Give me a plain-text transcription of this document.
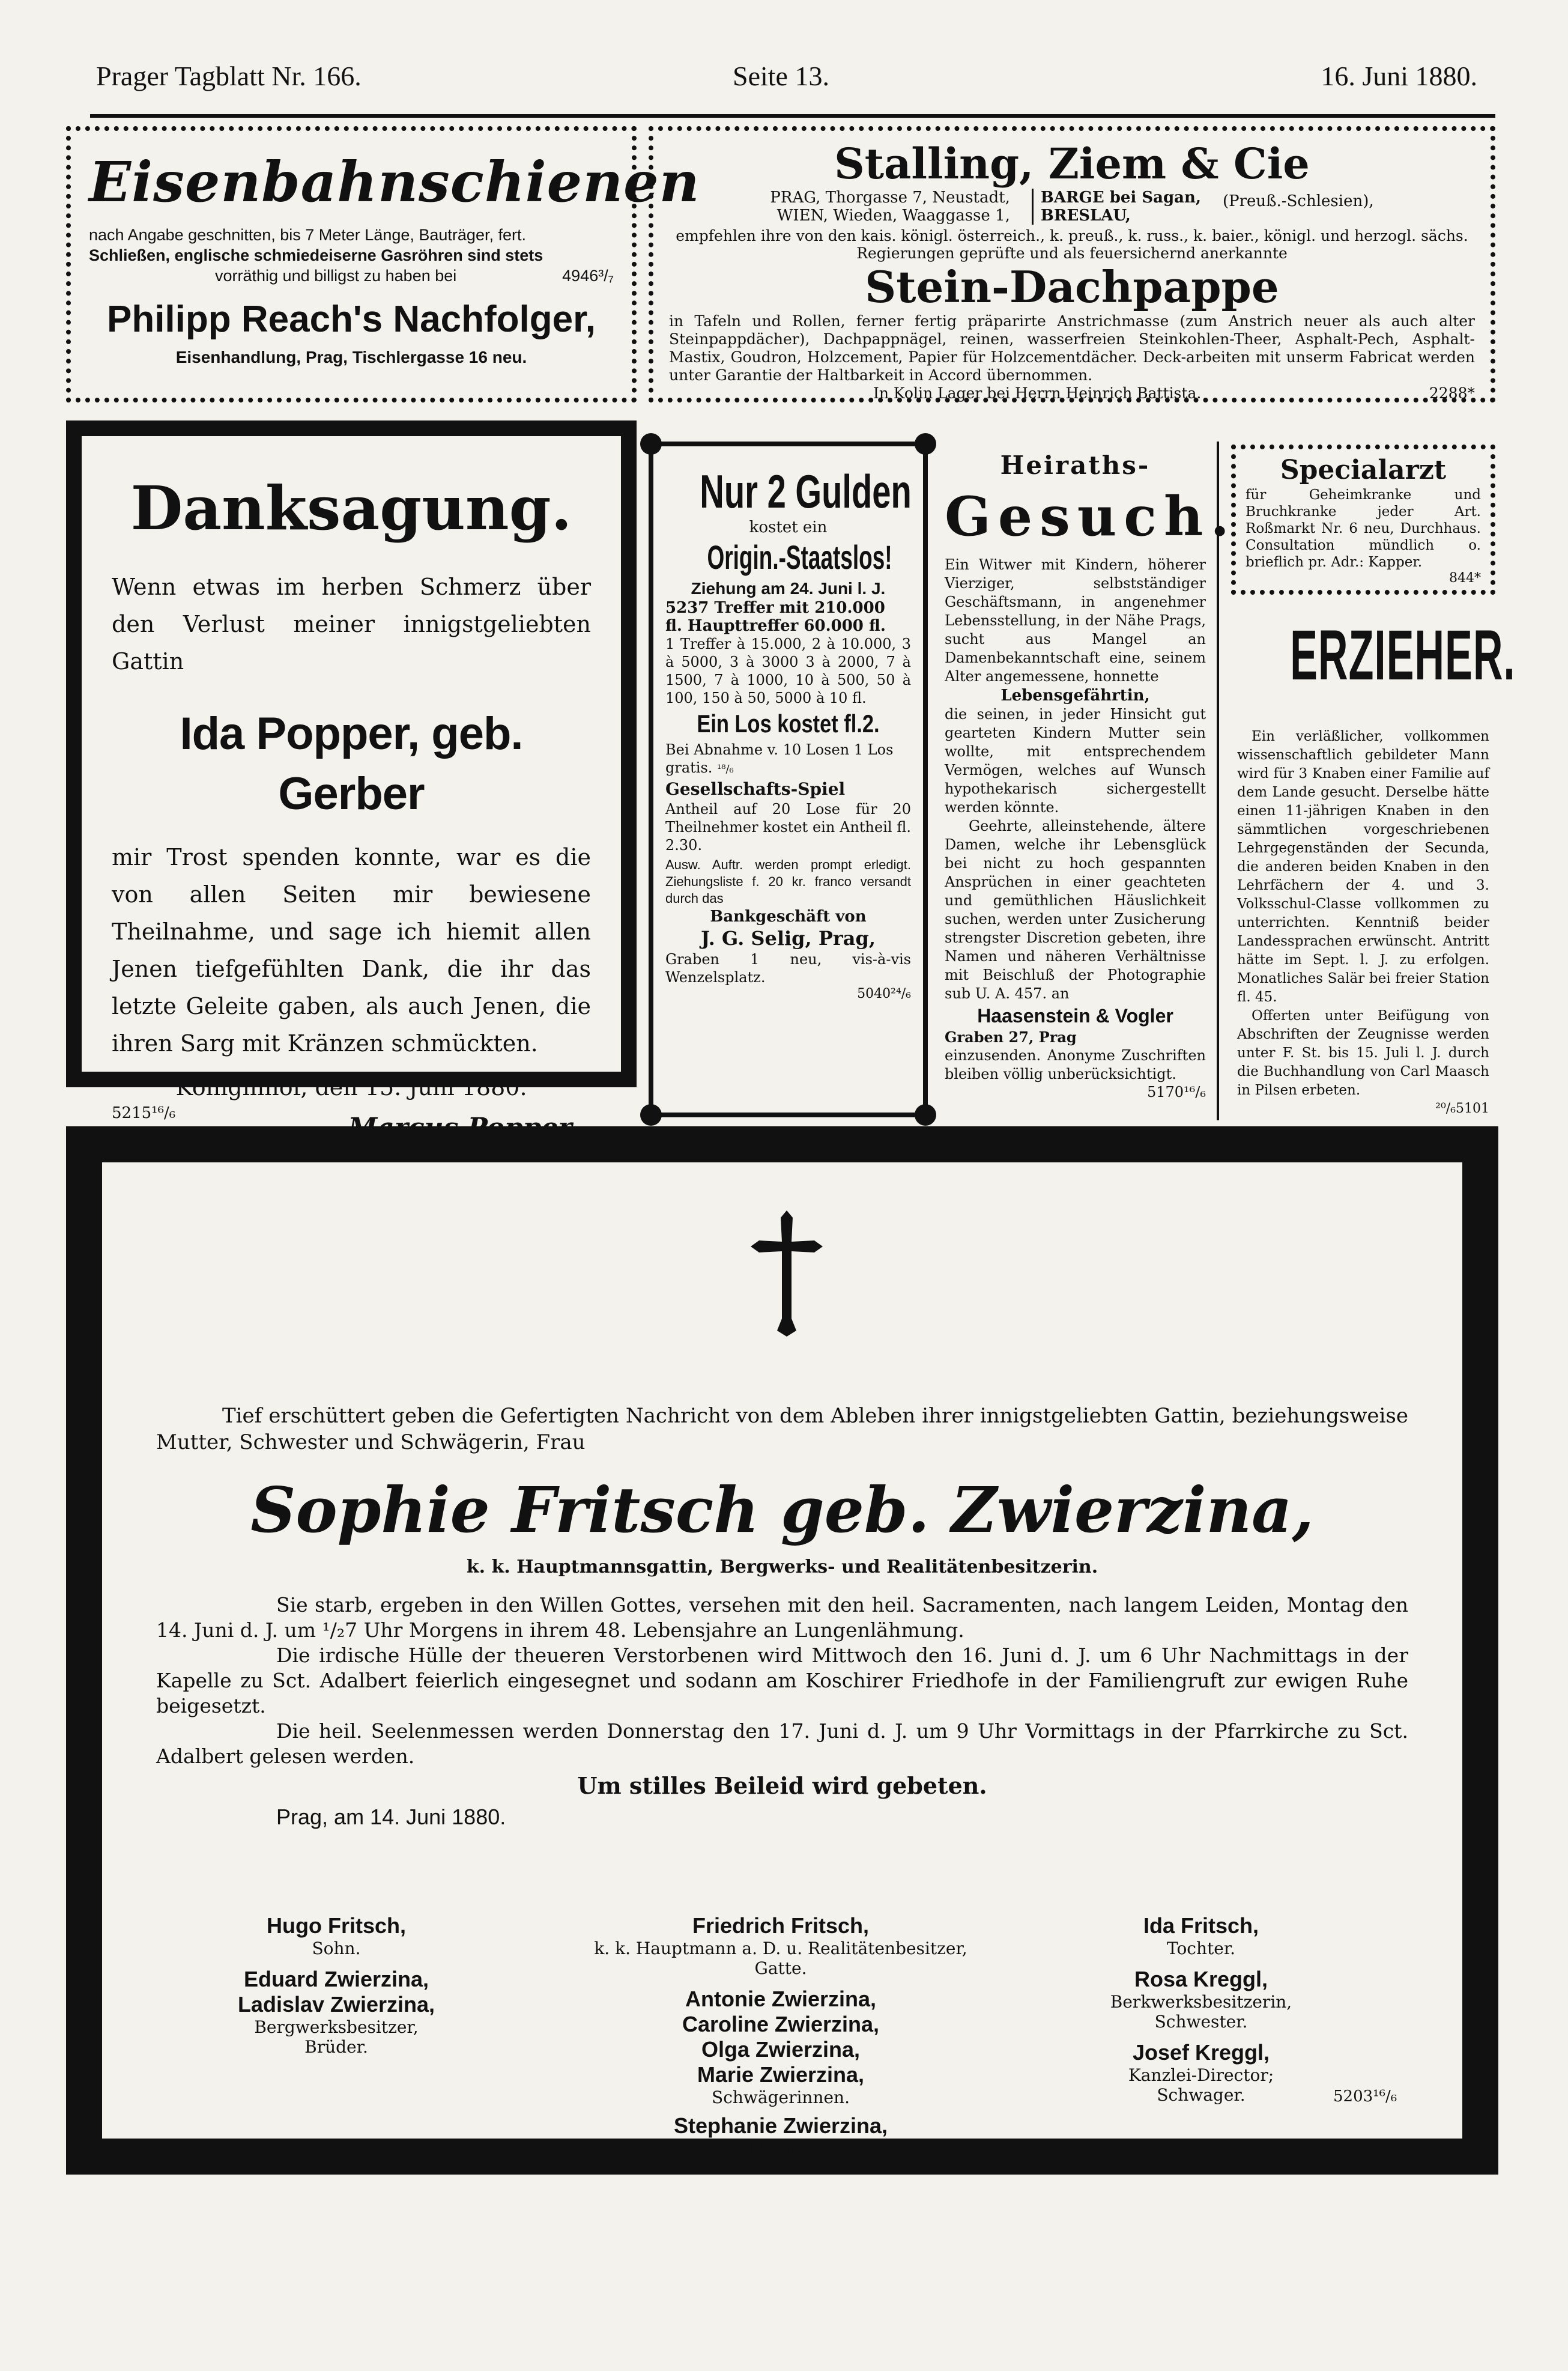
Prager Tagblatt Nr. 166.	Seite 13.	16. Juni 1880.
Eisenbahnschienen
nach Angabe geschnitten, bis 7 Meter Länge, Bauträger, fert.
Schließen, englische schmiedeiserne Gasröhren sind stets
vorräthig und billigst zu haben bei	4946³/₇
Philipp Reach's Nachfolger,
Eisenhandlung, Prag, Tischlergasse 16 neu.
Stalling, Ziem & Cie
PRAG, Thorgasse 7, Neustadt,
WIEN, Wieden, Waaggasse 1,
BARGE bei Sagan,
BRESLAU,
(Preuß.-Schlesien),
empfehlen ihre von den kais. königl. österreich., k. preuß., k. russ., k. baier., königl. und herzogl. sächs.
Regierungen geprüfte und als feuersichernd anerkannte
Stein-Dachpappe
in Tafeln und Rollen, ferner fertig präparirte Anstrichmasse (zum Anstrich neuer als auch alter Steinpappdächer), Dachpappnägel, reinen, wasserfreien Steinkohlen-Theer, Asphalt-Pech, Asphalt-Mastix, Goudron, Holzcement, Papier für Holzcementdächer. Deck-arbeiten mit unserm Fabricat werden unter Garantie der Haltbarkeit in Accord übernommen.
In Kolin Lager bei Herrn Heinrich Battista.	2288*
Danksagung.
Wenn etwas im herben Schmerz über den Verlust meiner innigstgeliebten Gattin
Ida Popper, geb. Gerber
mir Trost spenden konnte, war es die von allen Seiten mir bewiesene Theilnahme, und sage ich hiemit allen Jenen tiefgefühlten Dank, die ihr das letzte Geleite gaben, als auch Jenen, die ihren Sarg mit Kränzen schmückten.
Königinhof, den 15. Juni 1880.
5215¹⁶/₆	Marcus Popper.
Nur 2 Gulden
kostet ein
Origin.-Staatslos!
Ziehung am 24. Juni l. J.
5237 Treffer mit 210.000
fl. Haupttreffer 60.000 fl.
1 Treffer à 15.000, 2 à 10.000, 3 à 5000, 3 à 3000 3 à 2000, 7 à 1500, 7 à 1000, 10 à 500, 50 à 100, 150 à 50, 5000 à 10 fl.
Ein Los kostet fl.2.
Bei Abnahme v. 10 Losen 1 Los gratis. ¹⁸/₆
Gesellschafts-Spiel
Antheil auf 20 Lose für 20 Theilnehmer kostet ein Antheil fl. 2.30.
Ausw. Auftr. werden prompt erledigt. Ziehungsliste f. 20 kr. franco versandt durch das
Bankgeschäft von
J. G. Selig, Prag,
Graben 1 neu, vis-à-vis Wenzelsplatz.
5040²⁴/₆
Heiraths-
Gesuch.
Ein Witwer mit Kindern, höherer Vierziger, selbstständiger Geschäftsmann, in angenehmer Lebensstellung, in der Nähe Prags, sucht aus Mangel an Damenbekanntschaft eine, seinem Alter angemessene, honnette
Lebensgefährtin,
die seinen, in jeder Hinsicht gut gearteten Kindern Mutter sein wollte, mit entsprechendem Vermögen, welches auf Wunsch hypothekarisch sichergestellt werden könnte.
Geehrte, alleinstehende, ältere Damen, welche ihr Lebensglück bei nicht zu hoch gespannten Ansprüchen in einer geachteten und gemüthlichen Häuslichkeit suchen, werden unter Zusicherung strengster Discretion gebeten, ihre Namen und näheren Verhältnisse mit Beischluß der Photographie sub U. A. 457. an
Haasenstein & Vogler
Graben 27, Prag
einzusenden. Anonyme Zuschriften bleiben völlig unberücksichtigt.
5170¹⁶/₆
Specialarzt
für Geheimkranke und Bruchkranke jeder Art. Roßmarkt Nr. 6 neu, Durchhaus. Consultation mündlich o. brieflich pr. Adr.: Kapper.
844*
ERZIEHER.
Ein verläßlicher, vollkommen wissenschaftlich gebildeter Mann wird für 3 Knaben einer Familie auf dem Lande gesucht. Derselbe hätte einen 11-jährigen Knaben in den sämmtlichen vorgeschriebenen Lehrgegenständen der Secunda, die anderen beiden Knaben in den Lehrfächern der 4. und 3. Volksschul-Classe vollkommen zu unterrichten. Kenntniß beider Landessprachen erwünscht. Antritt hätte im Sept. l. J. zu erfolgen. Monatliches Salär bei freier Station fl. 45.
Offerten unter Beifügung von Abschriften der Zeugnisse werden unter F. St. bis 15. Juli l. J. durch die Buchhandlung von Carl Maasch in Pilsen erbeten.
²⁰/₆5101
Tief erschüttert geben die Gefertigten Nachricht von dem Ableben ihrer innigstgeliebten Gattin, beziehungsweise Mutter, Schwester und Schwägerin, Frau
Sophie Fritsch geb. Zwierzina,
k. k. Hauptmannsgattin, Bergwerks- und Realitätenbesitzerin.
Sie starb, ergeben in den Willen Gottes, versehen mit den heil. Sacramenten, nach langem Leiden, Montag den 14. Juni d. J. um ¹/₂7 Uhr Morgens in ihrem 48. Lebensjahre an Lungenlähmung.
Die irdische Hülle der theueren Verstorbenen wird Mittwoch den 16. Juni d. J. um 6 Uhr Nachmittags in der Kapelle zu Sct. Adalbert feierlich eingesegnet und sodann am Koschirer Friedhofe in der Familiengruft zur ewigen Ruhe beigesetzt.
Die heil. Seelenmessen werden Donnerstag den 17. Juni d. J. um 9 Uhr Vormittags in der Pfarrkirche zu Sct. Adalbert gelesen werden.
Um stilles Beileid wird gebeten.
Prag, am 14. Juni 1880.
Hugo Fritsch,
Sohn.
Eduard Zwierzina,
Ladislav Zwierzina,
Bergwerksbesitzer,
Brüder.
Friedrich Fritsch,
k. k. Hauptmann a. D. u. Realitätenbesitzer,
Gatte.
Antonie Zwierzina,
Caroline Zwierzina,
Olga Zwierzina,
Marie Zwierzina,
Schwägerinnen.
Stephanie Zwierzina,
Nichte.
Ida Fritsch,
Tochter.
Rosa Kreggl,
Berkwerksbesitzerin,
Schwester.
Josef Kreggl,
Kanzlei-Director;
Schwager.	5203¹⁶/₆
